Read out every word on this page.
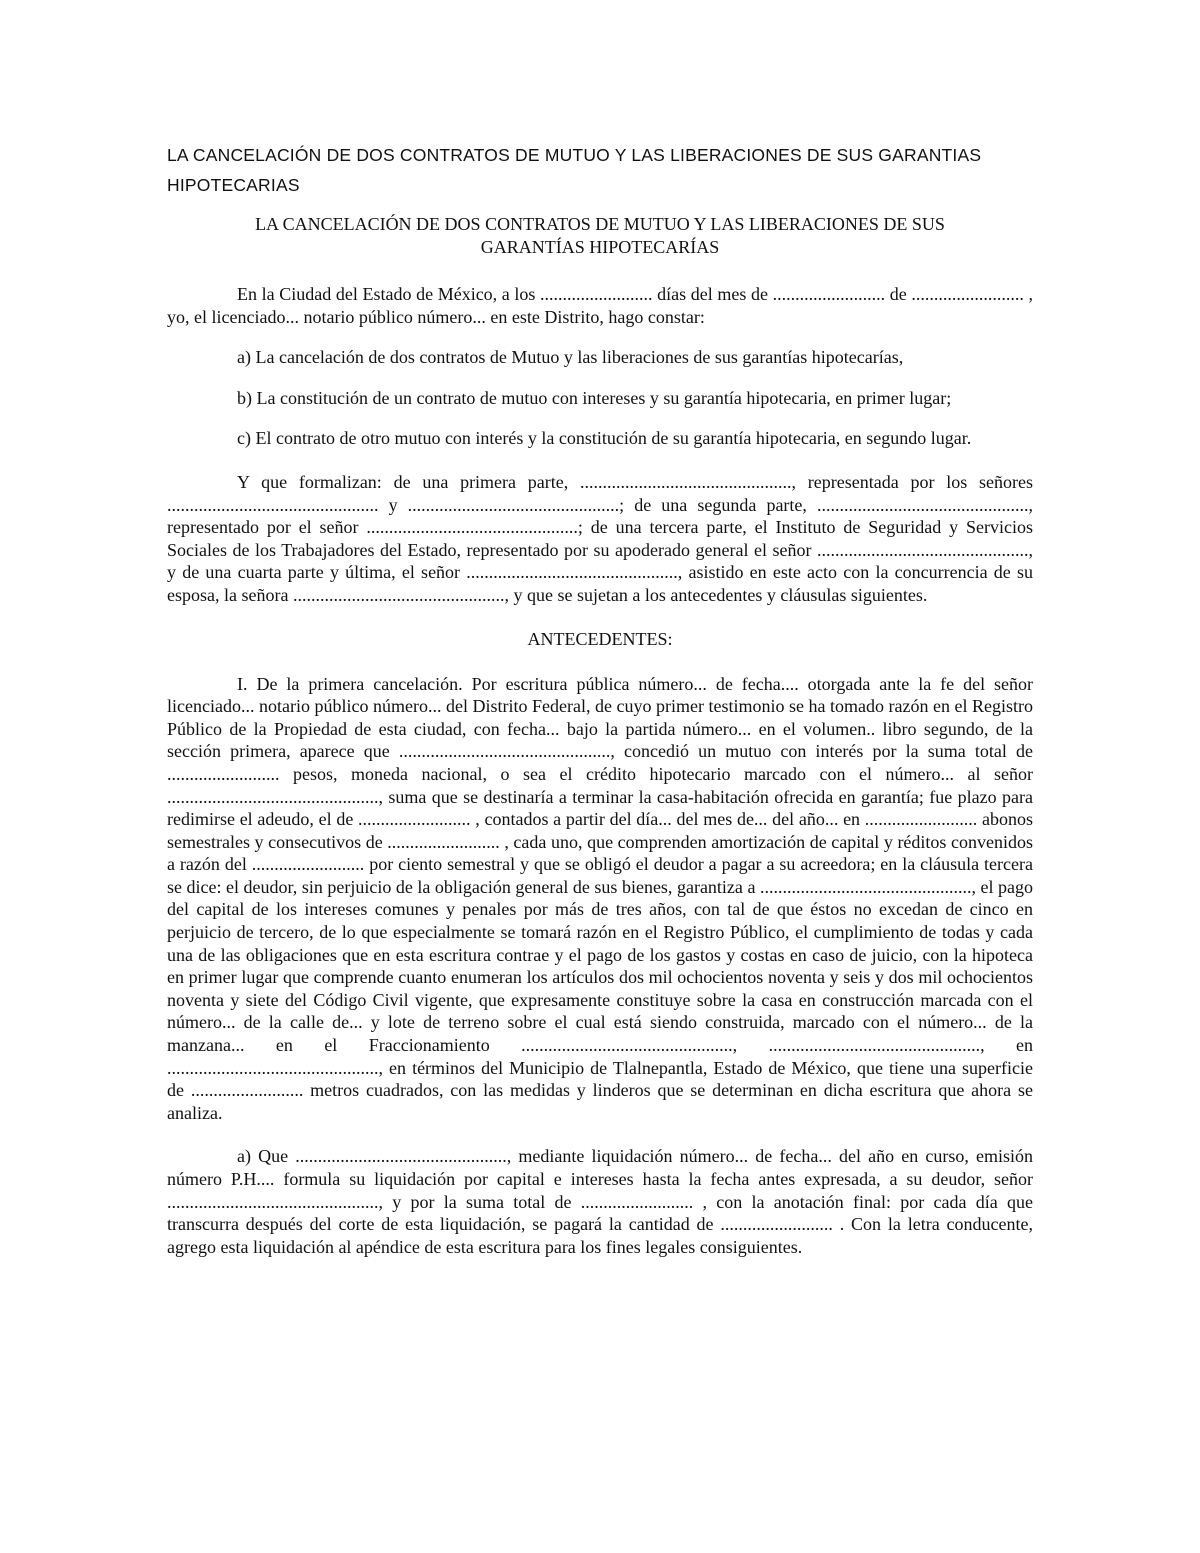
LA CANCELACIÓN DE DOS CONTRATOS DE MUTUO Y LAS LIBERACIONES DE SUS GARANTIAS HIPOTECARIAS

LA CANCELACIÓN DE DOS CONTRATOS DE MUTUO Y LAS LIBERACIONES DE SUS GARANTÍAS HIPOTECARÍAS

En la Ciudad del Estado de México, a los ......................... días del mes de ......................... de ......................... , yo, el licenciado... notario público número... en este Distrito, hago constar:

a) La cancelación de dos contratos de Mutuo y las liberaciones de sus garantías hipotecarías,

b) La constitución de un contrato de mutuo con intereses y su garantía hipotecaria, en primer lugar;

c) El contrato de otro mutuo con interés y la constitución de su garantía hipotecaria, en segundo lugar.

Y que formalizan: de una primera parte, ..............................................., representada por los señores ............................................... y ...............................................; de una segunda parte, ..............................................., representado por el señor ...............................................; de una tercera parte, el Instituto de Seguridad y Servicios Sociales de los Trabajadores del Estado, representado por su apoderado general el señor ..............................................., y de una cuarta parte y última, el señor ..............................................., asistido en este acto con la concurrencia de su esposa, la señora ..............................................., y que se sujetan a los antecedentes y cláusulas siguientes.

ANTECEDENTES:

I. De la primera cancelación. Por escritura pública número... de fecha.... otorgada ante la fe del señor licenciado... notario público número... del Distrito Federal, de cuyo primer testimonio se ha tomado razón en el Registro Público de la Propiedad de esta ciudad, con fecha... bajo la partida número... en el volumen.. libro segundo, de la sección primera, aparece que ..............................................., concedió un mutuo con interés por la suma total de ......................... pesos, moneda nacional, o sea el crédito hipotecario marcado con el número... al señor ..............................................., suma que se destinaría a terminar la casa-habitación ofrecida en garantía; fue plazo para redimirse el adeudo, el de ......................... , contados a partir del día... del mes de... del año... en ......................... abonos semestrales y consecutivos de ......................... , cada uno, que comprenden amortización de capital y réditos convenidos a razón del ......................... por ciento semestral y que se obligó el deudor a pagar a su acreedora; en la cláusula tercera se dice: el deudor, sin perjuicio de la obligación general de sus bienes, garantiza a ..............................................., el pago del capital de los intereses comunes y penales por más de tres años, con tal de que éstos no excedan de cinco en perjuicio de tercero, de lo que especialmente se tomará razón en el Registro Público, el cumplimiento de todas y cada una de las obligaciones que en esta escritura contrae y el pago de los gastos y costas en caso de juicio, con la hipoteca en primer lugar que comprende cuanto enumeran los artículos dos mil ochocientos noventa y seis y dos mil ochocientos noventa y siete del Código Civil vigente, que expresamente constituye sobre la casa en construcción marcada con el número... de la calle de... y lote de terreno sobre el cual está siendo construida, marcado con el número... de la manzana... en el Fraccionamiento ..............................................., ..............................................., en ..............................................., en términos del Municipio de Tlalnepantla, Estado de México, que tiene una superficie de ......................... metros cuadrados, con las medidas y linderos que se determinan en dicha escritura que ahora se analiza.

a) Que ..............................................., mediante liquidación número... de fecha... del año en curso, emisión número P.H.... formula su liquidación por capital e intereses hasta la fecha antes expresada, a su deudor, señor ..............................................., y por la suma total de ......................... , con la anotación final: por cada día que transcurra después del corte de esta liquidación, se pagará la cantidad de ......................... . Con la letra conducente, agrego esta liquidación al apéndice de esta escritura para los fines legales consiguientes.
